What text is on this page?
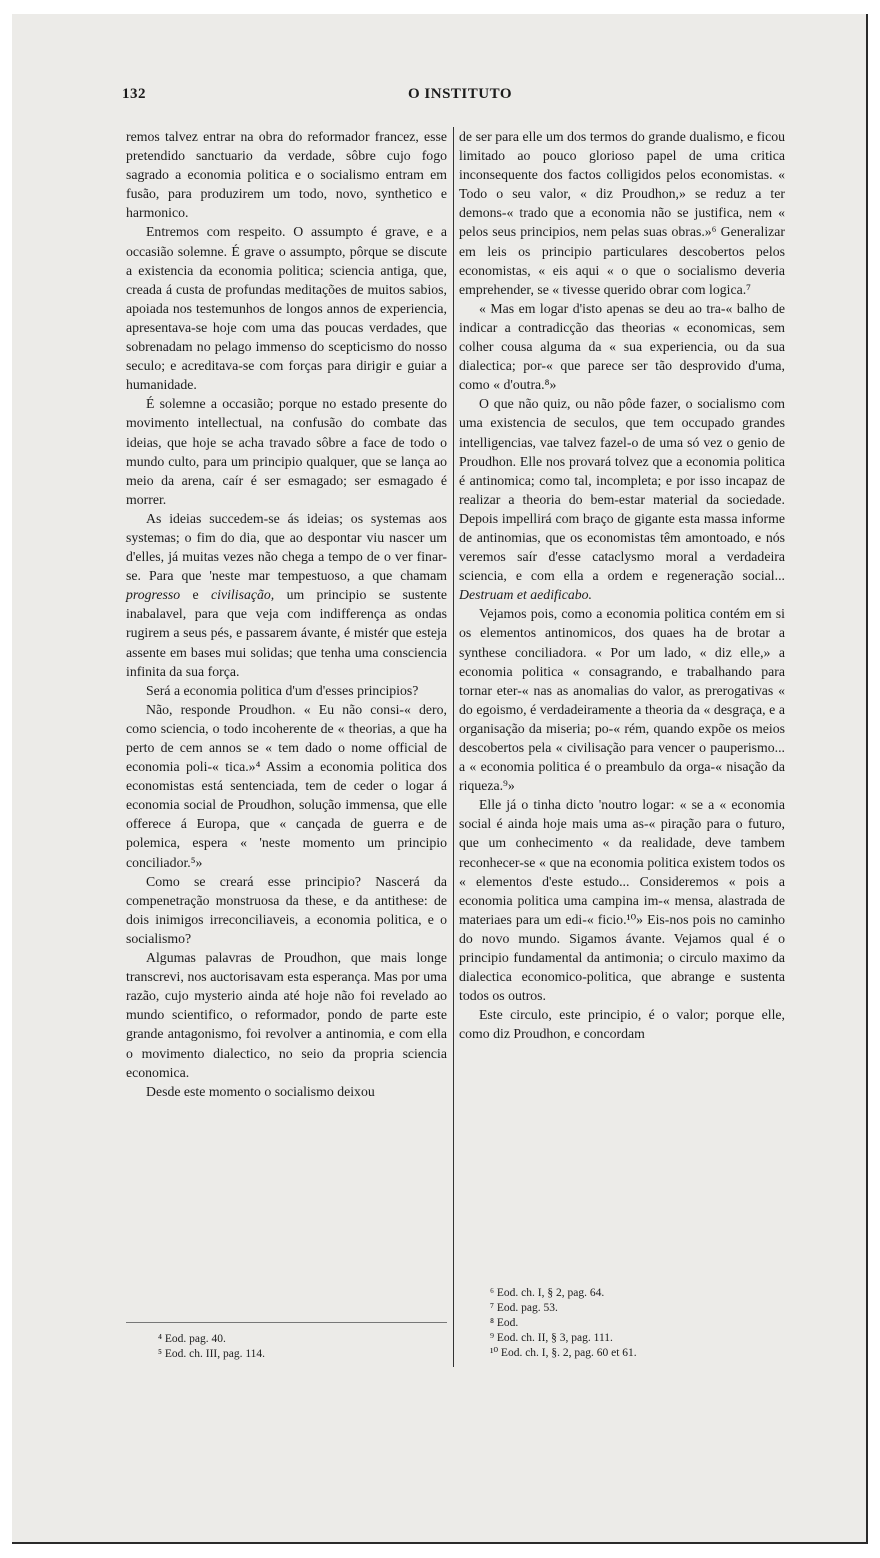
132	O INSTITUTO

remos talvez entrar na obra do reformador francez, esse pretendido sanctuario da verdade, sôbre cujo fogo sagrado a economia politica e o socialismo entram em fusão, para produzirem um todo, novo, synthetico e harmonico.

Entremos com respeito. O assumpto é grave, e a occasião solemne. É grave o assumpto, pôrque se discute a existencia da economia politica; sciencia antiga, que, creada á custa de profundas meditações de muitos sabios, apoiada nos testemunhos de longos annos de experiencia, apresentava-se hoje com uma das poucas verdades, que sobrenadam no pelago immenso do scepticismo do nosso seculo; e acreditava-se com forças para dirigir e guiar a humanidade.

É solemne a occasião; porque no estado presente do movimento intellectual, na confusão do combate das ideias, que hoje se acha travado sôbre a face de todo o mundo culto, para um principio qualquer, que se lança ao meio da arena, caír é ser esmagado; ser esmagado é morrer.

As ideias succedem-se ás ideias; os systemas aos systemas; o fim do dia, que ao despontar viu nascer um d'elles, já muitas vezes não chega a tempo de o ver finar-se. Para que 'neste mar tempestuoso, a que chamam progresso e civilisação, um principio se sustente inabalavel, para que veja com indifferença as ondas rugirem a seus pés, e passarem ávante, é mistér que esteja assente em bases mui solidas; que tenha uma consciencia infinita da sua força.

Será a economia politica d'um d'esses principios?

Não, responde Proudhon. « Eu não consi-« dero, como sciencia, o todo incoherente de « theorias, a que ha perto de cem annos se « tem dado o nome official de economia poli-« tica.»⁴ Assim a economia politica dos economistas está sentenciada, tem de ceder o logar á economia social de Proudhon, solução immensa, que elle offerece á Europa, que « cançada de guerra e de polemica, espera « 'neste momento um principio conciliador.⁵»

Como se creará esse principio? Nascerá da compenetração monstruosa da these, e da antithese: de dois inimigos irreconciliaveis, a economia politica, e o socialismo?

Algumas palavras de Proudhon, que mais longe transcrevi, nos auctorisavam esta esperança. Mas por uma razão, cujo mysterio ainda até hoje não foi revelado ao mundo scientifico, o reformador, pondo de parte este grande antagonismo, foi revolver a antinomia, e com ella o movimento dialectico, no seio da propria sciencia economica.

Desde este momento o socialismo deixou

⁴ Eod. pag. 40.
⁵ Eod. ch. III, pag. 114.

de ser para elle um dos termos do grande dualismo, e ficou limitado ao pouco glorioso papel de uma critica inconsequente dos factos colligidos pelos economistas. « Todo o seu valor, « diz Proudhon,» se reduz a ter demons-« trado que a economia não se justifica, nem « pelos seus principios, nem pelas suas obras.»⁶ Generalizar em leis os principio particulares descobertos pelos economistas, « eis aqui « o que o socialismo deveria emprehender, se « tivesse querido obrar com logica.⁷

« Mas em logar d'isto apenas se deu ao tra-« balho de indicar a contradicção das theorias « economicas, sem colher cousa alguma da « sua experiencia, ou da sua dialectica; por-« que parece ser tão desprovido d'uma, como « d'outra.⁸»

O que não quiz, ou não pôde fazer, o socialismo com uma existencia de seculos, que tem occupado grandes intelligencias, vae talvez fazel-o de uma só vez o genio de Proudhon. Elle nos provará tolvez que a economia politica é antinomica; como tal, incompleta; e por isso incapaz de realizar a theoria do bem-estar material da sociedade. Depois impellirá com braço de gigante esta massa informe de antinomias, que os economistas têm amontoado, e nós veremos saír d'esse cataclysmo moral a verdadeira sciencia, e com ella a ordem e regeneração social... Destruam et aedificabo.

Vejamos pois, como a economia politica contém em si os elementos antinomicos, dos quaes ha de brotar a synthese conciliadora. « Por um lado, « diz elle,» a economia politica « consagrando, e trabalhando para tornar eter-« nas as anomalias do valor, as prerogativas « do egoismo, é verdadeiramente a theoria da « desgraça, e a organisação da miseria; po-« rém, quando expõe os meios descobertos pela « civilisação para vencer o pauperismo... a « economia politica é o preambulo da orga-« nisação da riqueza.⁹»

Elle já o tinha dicto 'noutro logar: « se a « economia social é ainda hoje mais uma as-« piração para o futuro, que um conhecimento « da realidade, deve tambem reconhecer-se « que na economia politica existem todos os « elementos d'este estudo... Consideremos « pois a economia politica uma campina im-« mensa, alastrada de materiaes para um edi-« ficio.¹⁰» Eis-nos pois no caminho do novo mundo. Sigamos ávante. Vejamos qual é o principio fundamental da antimonia; o circulo maximo da dialectica economico-politica, que abrange e sustenta todos os outros.

Este circulo, este principio, é o valor; porque elle, como diz Proudhon, e concordam

⁶ Eod. ch. I, § 2, pag. 64.
⁷ Eod. pag. 53.
⁸ Eod.
⁹ Eod. ch. II, § 3, pag. 111.
¹⁰ Eod. ch. I, §. 2, pag. 60 et 61.
